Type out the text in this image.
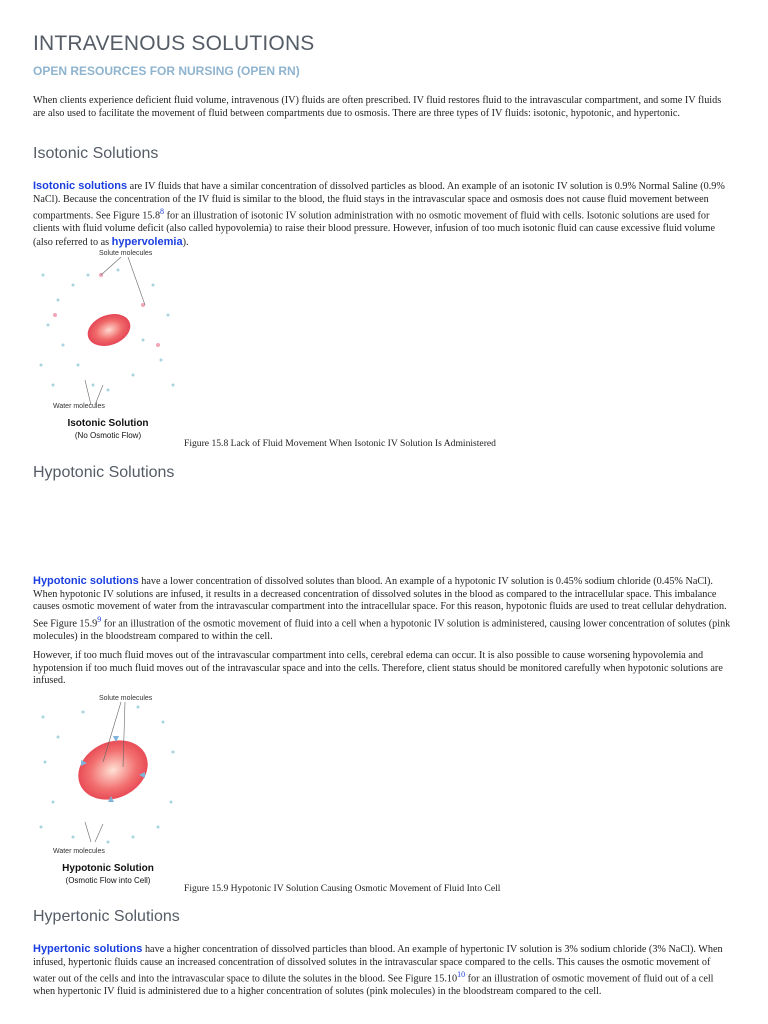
INTRAVENOUS SOLUTIONS
OPEN RESOURCES FOR NURSING (OPEN RN)

When clients experience deficient fluid volume, intravenous (IV) fluids are often prescribed. IV fluid restores fluid to the intravascular compartment, and some IV fluids are also used to facilitate the movement of fluid between compartments due to osmosis. There are three types of IV fluids: isotonic, hypotonic, and hypertonic.

Isotonic Solutions

Isotonic solutions are IV fluids that have a similar concentration of dissolved particles as blood. An example of an isotonic IV solution is 0.9% Normal Saline (0.9% NaCl). Because the concentration of the IV fluid is similar to the blood, the fluid stays in the intravascular space and osmosis does not cause fluid movement between compartments. See Figure 15.8$^8$ for an illustration of isotonic IV solution administration with no osmotic movement of fluid with cells. Isotonic solutions are used for clients with fluid volume deficit (also called hypovolemia) to raise their blood pressure. However, infusion of too much isotonic fluid can cause excessive fluid volume (also referred to as hypervolemia).

Solute molecules
Water molecules
Isotonic Solution
(No Osmotic Flow)
Figure 15.8 Lack of Fluid Movement When Isotonic IV Solution Is Administered
Hypotonic Solutions

Hypotonic solutions have a lower concentration of dissolved solutes than blood. An example of a hypotonic IV solution is 0.45% sodium chloride (0.45% NaCl). When hypotonic IV solutions are infused, it results in a decreased concentration of dissolved solutes in the blood as compared to the intracellular space. This imbalance causes osmotic movement of water from the intravascular compartment into the intracellular space. For this reason, hypotonic fluids are used to treat cellular dehydration. See Figure 15.9$^9$ for an illustration of the osmotic movement of fluid into a cell when a hypotonic IV solution is administered, causing lower concentration of solutes (pink molecules) in the bloodstream compared to within the cell.

However, if too much fluid moves out of the intravascular compartment into cells, cerebral edema can occur. It is also possible to cause worsening hypovolemia and hypotension if too much fluid moves out of the intravascular space and into the cells. Therefore, client status should be monitored carefully when hypotonic solutions are infused.

Solute molecules
Water molecules
Hypotonic Solution
(Osmotic Flow into Cell)
Figure 15.9 Hypotonic IV Solution Causing Osmotic Movement of Fluid Into Cell
Hypertonic Solutions

Hypertonic solutions have a higher concentration of dissolved particles than blood. An example of hypertonic IV solution is 3% sodium chloride (3% NaCl). When infused, hypertonic fluids cause an increased concentration of dissolved solutes in the intravascular space compared to the cells. This causes the osmotic movement of water out of the cells and into the intravascular space to dilute the solutes in the blood. See Figure 15.10$^{10}$ for an illustration of osmotic movement of fluid out of a cell when hypertonic IV fluid is administered due to a higher concentration of solutes (pink molecules) in the bloodstream compared to the cell.
